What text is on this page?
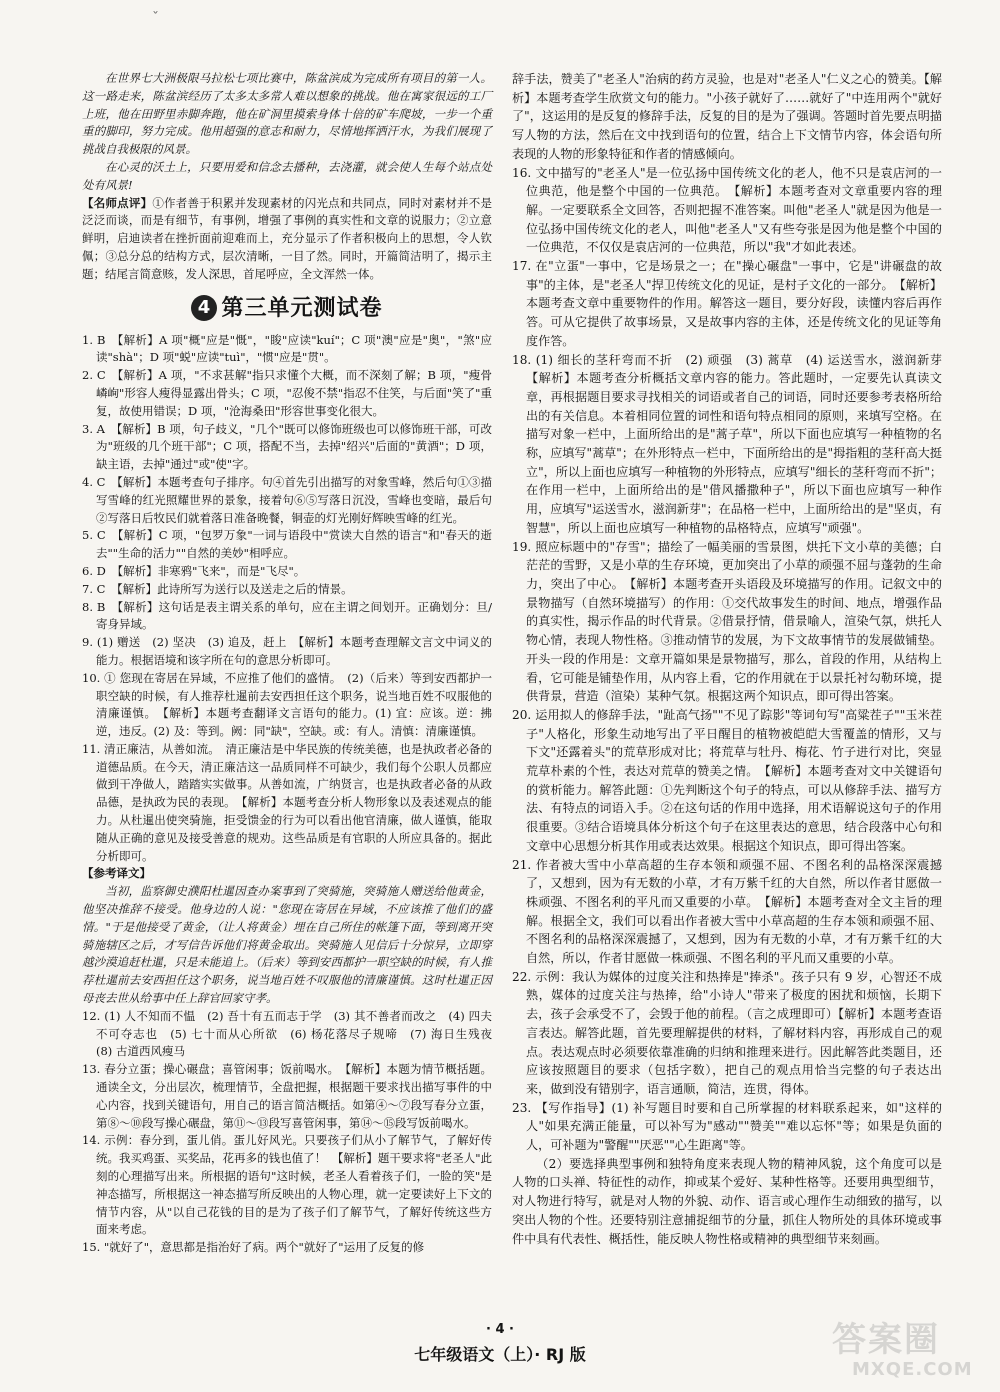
ˇ

在世界七大洲极限马拉松七项比赛中，陈盆滨成为完成所有项目的第一人。这一路走来，陈盆滨经历了太多太多常人难以想象的挑战。他在寓家很远的工厂上班，他在田野里赤脚奔跑，他在矿洞里摸索身体十倍的矿车爬坡，一步一个重重的脚印，努力完成。他用超强的意志和耐力，尽情地挥洒汗水，为我们展现了挑战自我极限的风景。

在心灵的沃土上，只要用爱和信念去播种，去浇灌，就会使人生每个站点处处有风景!

【名师点评】①作者善于积累并发现素材的闪光点和共同点，同时对素材并不是泛泛而谈，而是有细节，有事例，增强了事例的真实性和文章的说服力；②立意鲜明，启迪读者在挫折面前迎难而上，充分显示了作者积极向上的思想，令人钦佩；③总分总的结构方式，层次清晰，一目了然。同时，开篇简洁明了，揭示主题；结尾言简意赅，发人深思，首尾呼应，全文浑然一体。

4 第三单元测试卷

1. B　【解析】A 项"概"应是"慨"，"睃"应读"kuí"；C 项"澳"应是"奥"，"煞"应读"shà"；D 项"蜕"应读"tuì"，"惯"应是"贯"。

2. C　【解析】A 项，"不求甚解"指只求懂个大概，而不深刻了解；B 项，"瘦骨嶙峋"形容人瘦得显露出骨头；C 项，"忍俊不禁"指忍不住笑，与后面"笑了"重复，故使用错误；D 项，"沧海桑田"形容世事变化很大。

3. A　【解析】B 项，句子歧义，"几个"既可以修饰班级也可以修饰班干部，可改为"班级的几个班干部"；C 项，搭配不当，去掉"绍兴"后面的"黄酒"；D 项，缺主语，去掉"通过"或"使"字。

4. C　【解析】本题考查句子排序。句④首先引出描写的对象雪峰，然后句①③描写雪峰的红光照耀世界的景象，接着句⑥⑤写落日沉没，雪峰也变暗，最后句②写落日后牧民们就着落日准备晚餐，铜壶的灯光刚好辉映雪峰的红光。

5. C　【解析】C 项，"包罗万象"一词与语段中"赏读大自然的语言"和"春天的逝去""生命的活力""自然的美妙"相呼应。

6. D　【解析】非寒鸦"飞来"，而是"飞尽"。

7. C　【解析】此诗所写为送行以及送走之后的情景。

8. B　【解析】这句话是表主谓关系的单句，应在主谓之间划开。正确划分：旦/寄身异域。

9. (1) 赠送　(2) 坚决　(3) 追及，赶上　【解析】本题考查理解文言文中词义的能力。根据语境和该字所在句的意思分析即可。

10. ① 您现在寄居在异域，不应推了他们的盛情。　(2)（后来）等到安西都护一职空缺的时候，有人推荐杜暹前去安西担任这个职务，说当地百姓不叹服他的清廉谨慎。　【解析】本题考查翻译文言语句的能力。(1) 宜：应该。逆：拂逆，违反。(2) 及：等到。阙：同"缺"，空缺。或：有人。清慎：清廉谨慎。

11. 清正廉洁，从善如流。　清正廉洁是中华民族的传统美德，也是执政者必备的道德品质。在今天，清正廉洁这一品质同样不可缺少，我们每个公职人员都应做到干净做人，踏踏实实做事。从善如流，广纳贤言，也是执政者必备的从政品德，是执政为民的表现。　【解析】本题考查分析人物形象以及表述观点的能力。从杜暹出使突骑施，拒受馈金的行为可以看出他官清廉，做人谨慎，能取随从正确的意见及接受善意的规劝。这些品质是有官职的人所应具备的。据此分析即可。

【参考译文】

当初，监察御史濮阳杜暹因查办案事到了突骑施，突骑施人赠送给他黄金，他坚决推辞不接受。他身边的人说："您现在寄居在异域，不应该推了他们的盛情。"于是他接受了黄金，（让人将黄金）埋在自己所住的帐篷下面，等到离开突骑施辖区之后，才写信告诉他们将黄金取出。突骑施人见信后十分惊异，立即穿越沙漠追赶杜暹，只是未能追上。（后来）等到安西都护一职空缺的时候，有人推荐杜暹前去安西担任这个职务，说当地百姓不叹服他的清廉谨慎。这时杜暹正因母丧去世从给事中任上辞官回家守孝。

12. (1) 人不知而不愠　(2) 吾十有五而志于学　(3) 其不善者而改之　(4) 四夫不可夺志也　(5) 七十而从心所欲　(6) 杨花落尽子规啼　(7) 海日生残夜　(8) 古道西风瘦马

13. 春分立蛋；操心碾盘；喜管闲事；饭前喝水。　【解析】本题为情节概括题。通读全文，分出层次，梳理情节，全盘把握，根据题干要求找出描写事件的中心内容，找到关键语句，用自己的语言简洁概括。如第④～⑦段写春分立蛋，第⑧～⑩段写操心碾盘，第⑪～⑬段写喜管闲事，第⑭～⑮段写饭前喝水。

14. 示例：春分到，蛋儿俏。蛋儿好风光。只要孩子们从小了解节气，了解好传统。我买鸡蛋、买奖品，花再多的钱也值了！　【解析】题干要求将"老圣人"此刻的心理描写出来。所根据的语句"这时候，老圣人看着孩子们，一脸的笑"是神态描写，所根据这一神态描写所反映出的人物心理，就一定要读好上下文的情节内容，从"以自己花钱的目的是为了孩子们了解节气，了解好传统这些方面来考虑。

15. "就好了"，意思都是指治好了病。两个"就好了"运用了反复的修

辞手法，赞美了"老圣人"治病的药方灵验，也是对"老圣人"仁义之心的赞美。【解析】本题考查学生欣赏文句的能力。"小孩子就好了……就好了"中连用两个"就好了"，这运用的是反复的修辞手法，反复的目的是为了强调。答题时首先要点明描写人物的方法，然后在文中找到语句的位置，结合上下文情节内容，体会语句所表现的人物的形象特征和作者的情感倾向。

16. 文中描写的"老圣人"是一位弘扬中国传统文化的老人，他不只是袁店河的一位典范，他是整个中国的一位典范。　【解析】本题考查对文章重要内容的理解。一定要联系全文回答，否则把握不准答案。叫他"老圣人"就是因为他是一位弘扬中国传统文化的老人，叫他"老圣人"又有些夸张是因为他是整个中国的一位典范，不仅仅是袁店河的一位典范，所以"我"才如此表述。

17. 在"立蛋"一事中，它是场景之一；在"操心碾盘"一事中，它是"讲碾盘的故事"的主体，是"老圣人"捍卫传统文化的见证，是村子文化的一部分。　【解析】本题考查文章中重要物件的作用。解答这一题目，要分好段，读懂内容后再作答。可从它提供了故事场景，又是故事内容的主体，还是传统文化的见证等角度作答。

18. (1) 细长的茎秆弯而不折　(2) 顽强　(3) 蒿草　(4) 运送雪水，滋润新芽　【解析】本题考查分析概括文章内容的能力。答此题时，一定要先认真读文章，再根据题目要求寻找相关的词语或者自己的词语，同时还要参考表格所给出的有关信息。本着相同位置的词性和语句特点相同的原则，来填写空格。在描写对象一栏中，上面所给出的是"蒿子草"，所以下面也应填写一种植物的名称，应填写"蒿草"；在外形特点一栏中，下面所给出的是"拇指粗的茎秆高大挺立"，所以上面也应填写一种植物的外形特点，应填写"细长的茎秆弯而不折"；在作用一栏中，上面所给出的是"借风播撒种子"，所以下面也应填写一种作用，应填写"运送雪水，滋润新芽"；在品格一栏中，上面所给出的是"坚贞，有智慧"，所以上面也应填写一种植物的品格特点，应填写"顽强"。

19. 照应标题中的"存雪"；描绘了一幅美丽的雪景图，烘托下文小草的美德；白茫茫的雪野，又是小草的生存环境，更加突出了小草的顽强不屈与蓬勃的生命力，突出了中心。　【解析】本题考查开头语段及环境描写的作用。记叙文中的景物描写（自然环境描写）的作用：①交代故事发生的时间、地点，增强作品的真实性，揭示作品的时代背景。②借景抒情，借景喻人，渲染气氛，烘托人物心情，表现人物性格。③推动情节的发展，为下文故事情节的发展做铺垫。开头一段的作用是：文章开篇如果是景物描写，那么，首段的作用，从结构上看，它可能是铺垫作用，从内容上看，它的作用就在于以景托衬勾勒环境，提供背景，营造（渲染）某种气氛。根据这两个知识点，即可得出答案。

20. 运用拟人的修辞手法，"趾高气扬""不见了踪影"等词句写"高粱茬子""玉米茬子"人格化，形象生动地写出了平日醒目的植物被皑皑大雪覆盖的情形，又与下文"还露着头"的荒草形成对比；将荒草与牡丹、梅花、竹子进行对比，突显荒草朴素的个性，表达对荒草的赞美之情。　【解析】本题考查对文中关键语句的赏析能力。解答此题：①先判断这个句子的特点，可以从修辞手法、描写方法、有特点的词语入手。②在这句话的作用中选择，用术语解说这句子的作用很重要。③结合语境具体分析这个句子在这里表达的意思，结合段落中心句和文章中心思想分析其作用或表达效果。根据这个知识点，即可得出答案。

21. 作者被大雪中小草高超的生存本领和顽强不屈、不图名利的品格深深震撼了，又想到，因为有无数的小草，才有万紫千红的大自然，所以作者甘愿做一株顽强、不图名利的平凡而又重要的小草。　【解析】本题考查对全文主旨的理解。根据全文，我们可以看出作者被大雪中小草高超的生存本领和顽强不屈、不图名利的品格深深震撼了，又想到，因为有无数的小草，才有万紫千红的大自然，所以，作者甘愿做一株顽强、不图名利的平凡而又重要的小草。

22. 示例：我认为媒体的过度关注和热捧是"捧杀"。孩子只有 9 岁，心智还不成熟，媒体的过度关注与热捧，给"小诗人"带来了极度的困扰和烦恼，长期下去，孩子会承受不了，会毁于他的前程。（言之成理即可）【解析】本题考查语言表达。解答此题，首先要理解提供的材料，了解材料内容，再形成自己的观点。表达观点时必须要依靠准确的归纳和推理来进行。因此解答此类题目，还应该按照题目的要求（包括字数），把自己的观点用恰当完整的句子表达出来，做到没有错别字，语言通顺，简洁，连贯，得体。

23. 【写作指导】(1) 补写题目时要和自己所掌握的材料联系起来，如"这样的人"如果充满正能量，可以补写为"感动""赞美""难以忘怀"等；如果是负面的人，可补题为"警醒""厌恶""心生距离"等。

（2）要选择典型事例和独特角度来表现人物的精神风貌，这个角度可以是人物的口头禅、特征性的动作，抑或某个爱好、某种性格等。还要用典型细节，对人物进行特写，就是对人物的外貌、动作、语言或心理作生动细致的描写，以突出人物的个性。还要特别注意捕捉细节的分量，抓住人物所处的具体环境或事件中具有代表性、概括性，能反映人物性格或精神的典型细节来刻画。

· 4 ·
七年级语文（上）· RJ 版	答案圈
MXQE.COM
